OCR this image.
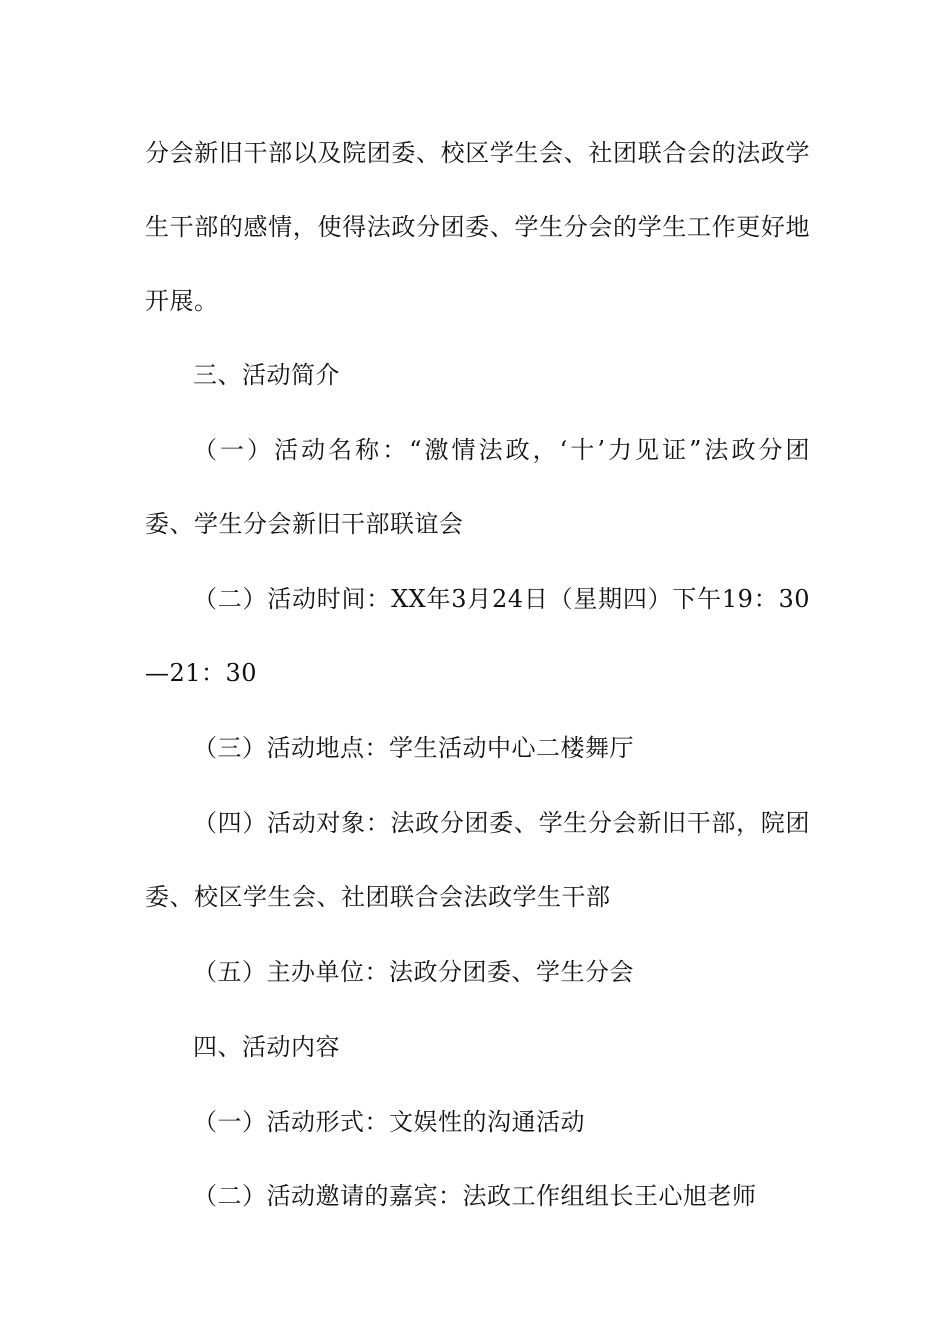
分会新旧干部以及院团委、校区学生会、社团联合会的法政学
生干部的感情，使得法政分团委、学生分会的学生工作更好地
开展。
三、活动简介
（一）活动名称：“激情法政，‘十’力见证”法政分团
委、学生分会新旧干部联谊会
（二）活动时间：XX年3月24日（星期四）下午19：30
—21：30
（三）活动地点：学生活动中心二楼舞厅
（四）活动对象：法政分团委、学生分会新旧干部，院团
委、校区学生会、社团联合会法政学生干部
（五）主办单位：法政分团委、学生分会
四、活动内容
（一）活动形式：文娱性的沟通活动
（二）活动邀请的嘉宾：法政工作组组长王心旭老师
